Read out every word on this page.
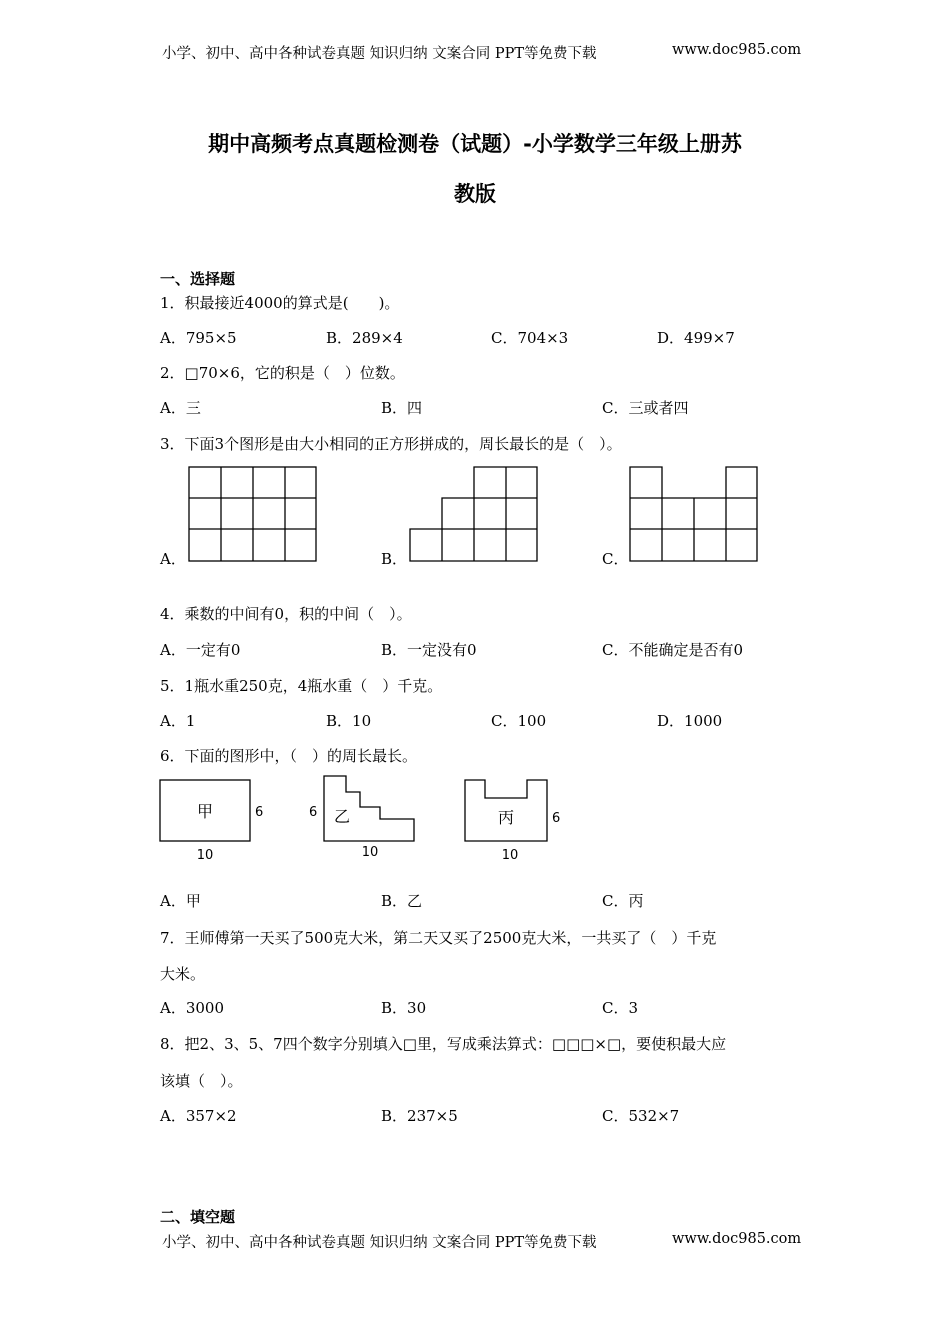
小学、初中、高中各种试卷真题 知识归纳 文案合同 PPT等免费下载	www.doc985.com
期中高频考点真题检测卷（试题）-小学数学三年级上册苏
教版
一、选择题
1．积最接近4000的算式是(　　)。
A．795×5	B．289×4	C．704×3	D．499×7
2．□70×6，它的积是（　）位数。
A．三	B．四	C．三或者四
3．下面3个图形是由大小相同的正方形拼成的，周长最长的是（　）。
A．	B．	C．
4．乘数的中间有0，积的中间（　）。
A．一定有0	B．一定没有0	C．不能确定是否有0
5．1瓶水重250克，4瓶水重（　）千克。
A．1	B．10	C．100	D．1000
6．下面的图形中，（　）的周长最长。
甲	6
10
乙
6
10
丙	6
10
A．甲	B．乙	C．丙
7．王师傅第一天买了500克大米，第二天又买了2500克大米，一共买了（　）千克
大米。
A．3000	B．30	C．3
8．把2、3、5、7四个数字分别填入□里，写成乘法算式：□□□×□，要使积最大应
该填（　）。
A．357×2	B．237×5	C．532×7
二、填空题
小学、初中、高中各种试卷真题 知识归纳 文案合同 PPT等免费下载	www.doc985.com
